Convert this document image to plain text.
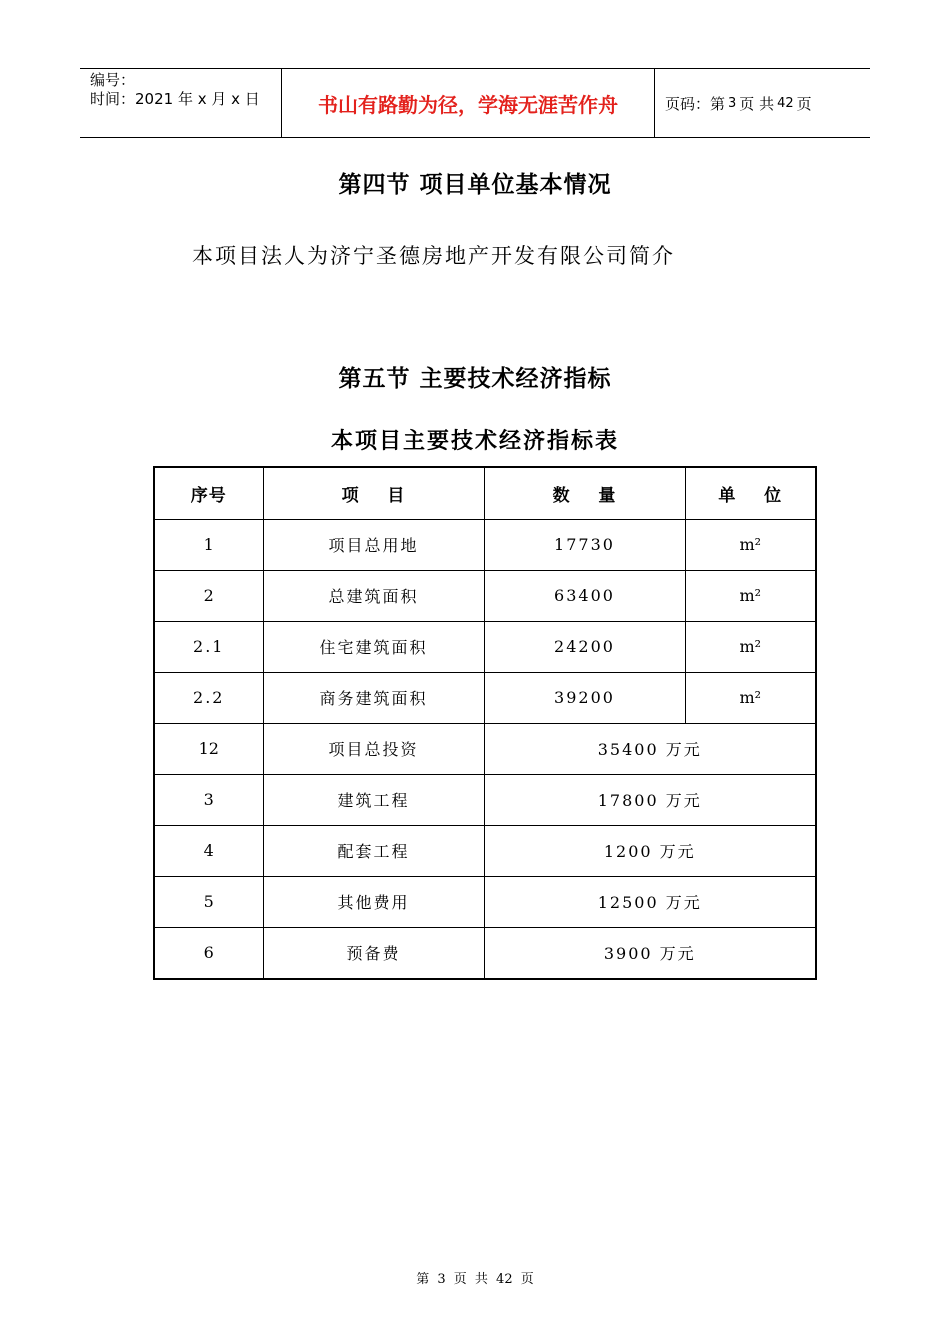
编号：
时间：2021 年 x 月 x 日	书山有路勤为径，学海无涯苦作舟	页码：第 3 页 共 42 页
第四节 项目单位基本情况
本项目法人为济宁圣德房地产开发有限公司简介
第五节 主要技术经济指标
本项目主要技术经济指标表
序号	项    目	数    量	单    位
1	项目总用地	17730	m²
2	总建筑面积	63400	m²
2.1	住宅建筑面积	24200	m²
2.2	商务建筑面积	39200	m²
12	项目总投资	35400 万元	
3	建筑工程	17800 万元	
4	配套工程	1200 万元	
5	其他费用	12500 万元	
6	预备费	3900 万元	
第 3 页 共 42 页
